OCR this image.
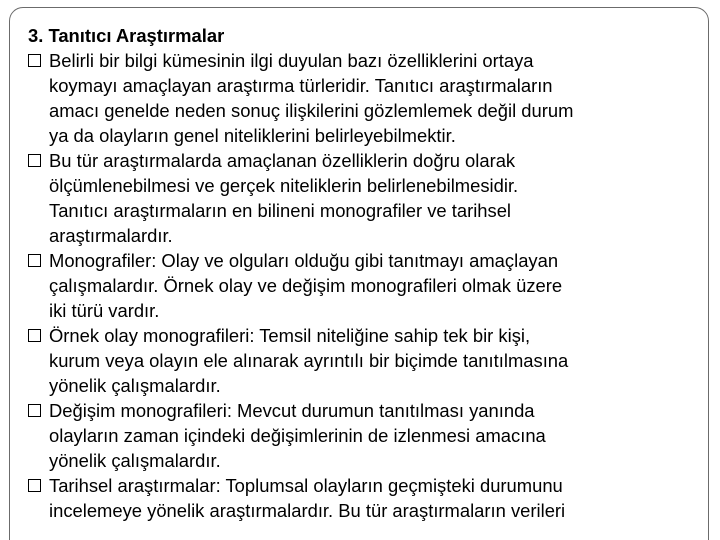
3. Tanıtıcı Araştırmalar
Belirli bir bilgi kümesinin ilgi duyulan bazı özelliklerini ortaya
koymayı amaçlayan araştırma türleridir. Tanıtıcı araştırmaların
amacı genelde neden sonuç ilişkilerini gözlemlemek değil durum
ya da olayların genel niteliklerini belirleyebilmektir.
Bu tür araştırmalarda amaçlanan özelliklerin doğru olarak
ölçümlenebilmesi ve gerçek niteliklerin belirlenebilmesidir.
Tanıtıcı araştırmaların en bilineni monografiler ve tarihsel
araştırmalardır.
Monografiler: Olay ve olguları olduğu gibi tanıtmayı amaçlayan
çalışmalardır. Örnek olay ve değişim monografileri olmak üzere
iki türü vardır.
Örnek olay monografileri: Temsil niteliğine sahip tek bir kişi,
kurum veya olayın ele alınarak ayrıntılı bir biçimde tanıtılmasına
yönelik çalışmalardır.
Değişim monografileri: Mevcut durumun tanıtılması yanında
olayların zaman içindeki değişimlerinin de izlenmesi amacına
yönelik çalışmalardır.
Tarihsel araştırmalar: Toplumsal olayların geçmişteki durumunu
incelemeye yönelik araştırmalardır. Bu tür araştırmaların verileri
